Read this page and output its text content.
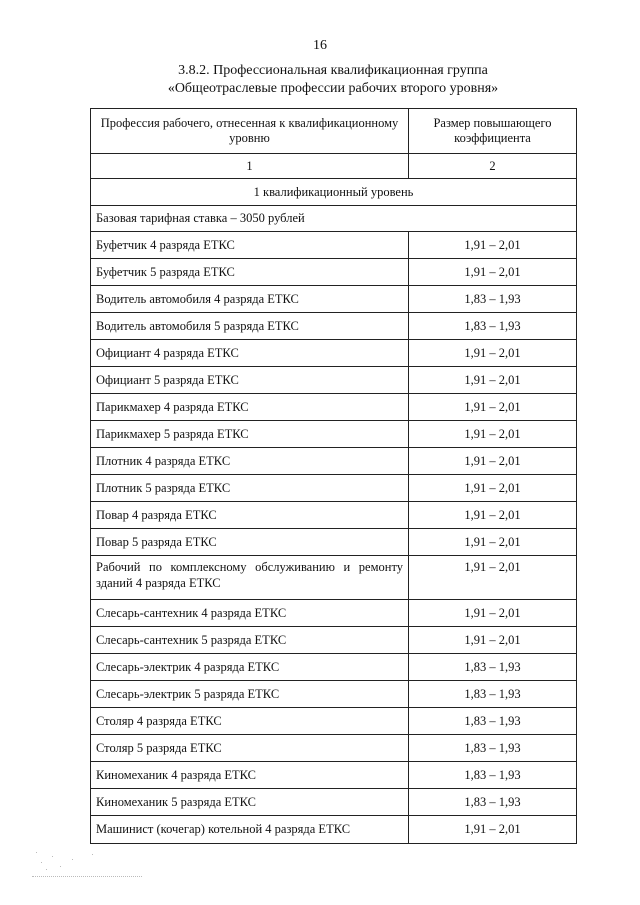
16
3.8.2. Профессиональная квалификационная группа
«Общеотраслевые профессии рабочих второго уровня»
Профессия рабочего, отнесенная к квалификационному уровню	Размер повышающего коэффициента
1	2
1 квалификационный уровень	
Базовая тарифная ставка – 3050 рублей	
Буфетчик 4 разряда ЕТКС	1,91 – 2,01
Буфетчик 5 разряда ЕТКС	1,91 – 2,01
Водитель автомобиля 4 разряда ЕТКС	1,83 – 1,93
Водитель автомобиля 5 разряда ЕТКС	1,83 – 1,93
Официант 4 разряда ЕТКС	1,91 – 2,01
Официант 5 разряда ЕТКС	1,91 – 2,01
Парикмахер 4 разряда ЕТКС	1,91 – 2,01
Парикмахер 5 разряда ЕТКС	1,91 – 2,01
Плотник 4 разряда ЕТКС	1,91 – 2,01
Плотник 5 разряда ЕТКС	1,91 – 2,01
Повар 4 разряда ЕТКС	1,91 – 2,01
Повар 5 разряда ЕТКС	1,91 – 2,01
Рабочий по комплексному обслуживанию и ремонту зданий 4 разряда ЕТКС	1,91 – 2,01
Слесарь-сантехник 4 разряда ЕТКС	1,91 – 2,01
Слесарь-сантехник 5 разряда ЕТКС	1,91 – 2,01
Слесарь-электрик 4 разряда ЕТКС	1,83 – 1,93
Слесарь-электрик 5 разряда ЕТКС	1,83 – 1,93
Столяр 4 разряда ЕТКС	1,83 – 1,93
Столяр 5 разряда ЕТКС	1,83 – 1,93
Киномеханик 4 разряда ЕТКС	1,83 – 1,93
Киномеханик 5 разряда ЕТКС	1,83 – 1,93
Машинист (кочегар) котельной 4 разряда ЕТКС	1,91 – 2,01
